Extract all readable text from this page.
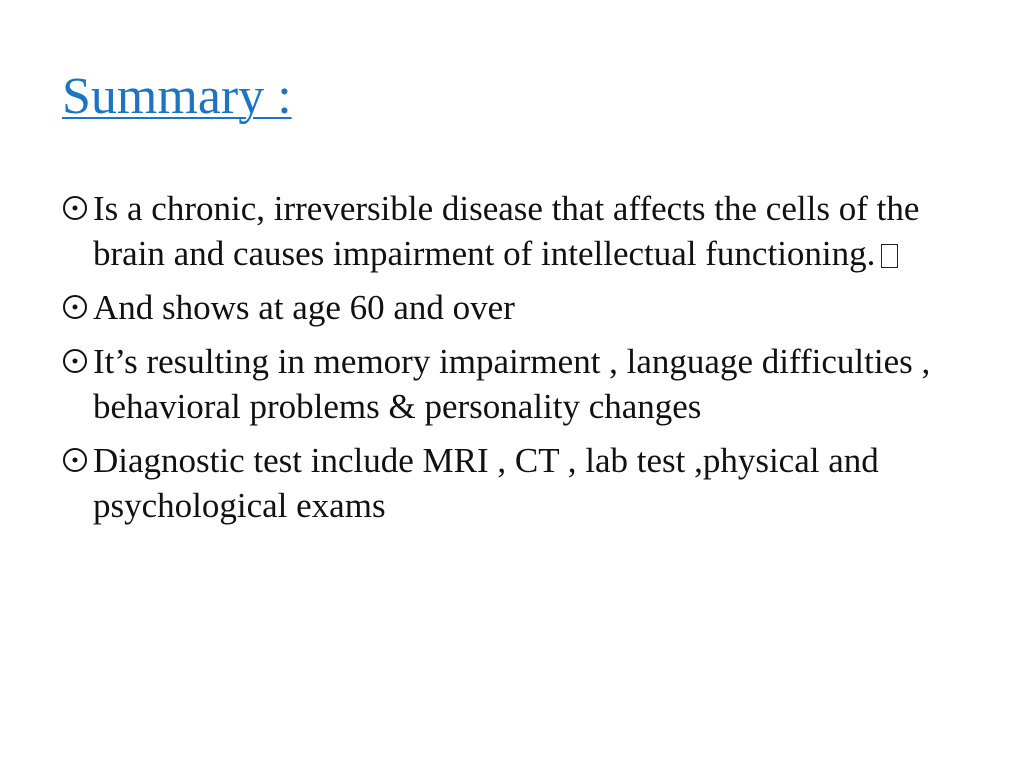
Summary :
Is a chronic, irreversible disease that affects the cells of the brain and causes impairment of intellectual functioning.
And shows at age 60 and over
It’s resulting in memory impairment , language difficulties , behavioral problems & personality changes
Diagnostic test include MRI , CT , lab test ,physical and psychological exams
